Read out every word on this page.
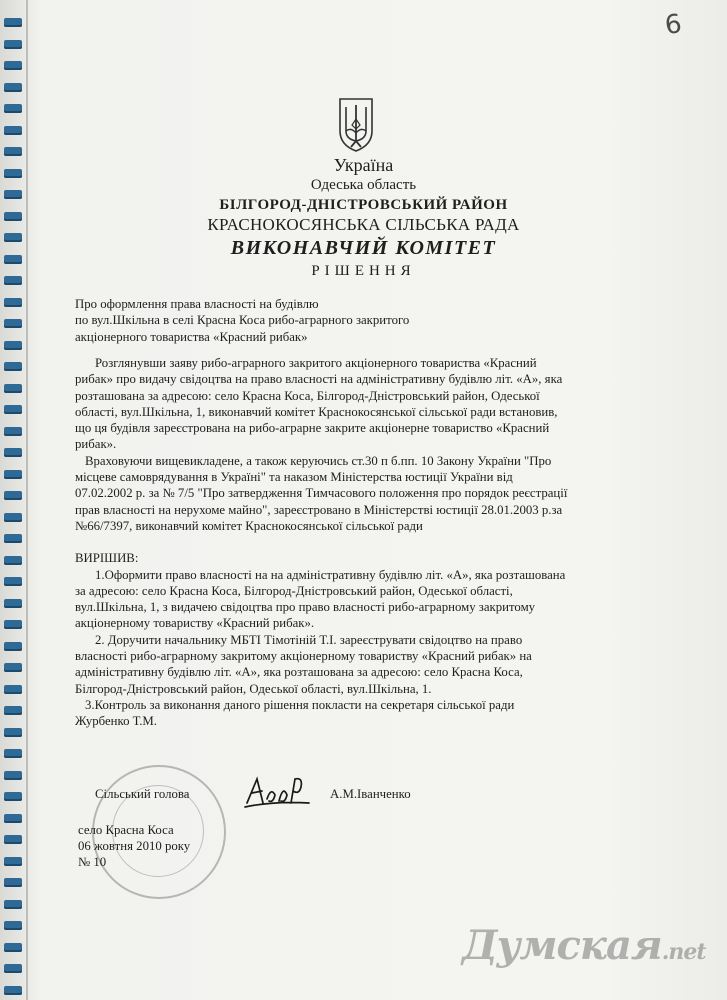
6
Україна
Одеська область
БІЛГОРОД-ДНІСТРОВСЬКИЙ РАЙОН
КРАСНОКОСЯНСЬКА СІЛЬСЬКА РАДА
ВИКОНАВЧИЙ КОМІТЕТ
РІШЕННЯ
Про оформлення права власності на будівлю
по вул.Шкільна в селі Красна Коса рибо-аграрного закритого
акціонерного товариства «Красний рибак»
Розглянувши заяву рибо-аграрного закритого акціонерного товариства «Красний
рибак» про видачу свідоцтва на право власності на адміністративну будівлю літ. «А», яка
розташована за адресою: село Красна Коса, Білгород-Дністровський район, Одеської
області, вул.Шкільна, 1, виконавчий комітет Краснокосянської сільської ради встановив,
що ця будівля зареєстрована на рибо-аграрне закрите акціонерне товариство «Красний
рибак».
Враховуючи вищевикладене, а також керуючись ст.30 п б.пп. 10 Закону України "Про
місцеве самоврядування в Україні" та наказом Міністерства юстиції України від
07.02.2002 р. за № 7/5 "Про затвердження Тимчасового положення про порядок реєстрації
прав власності на нерухоме майно", зареєстровано в Міністерстві юстиції 28.01.2003 р.за
№66/7397, виконавчий комітет Краснокосянської сільської ради
ВИРІШИВ:
1.Оформити право власності на на адміністративну будівлю літ. «А», яка розташована
за адресою: село Красна Коса, Білгород-Дністровський район, Одеської області,
вул.Шкільна, 1, з видачею свідоцтва про право власності рибо-аграрному закритому
акціонерному товариству «Красний рибак».
2. Доручити начальнику МБТІ Тімотіній Т.І. зареєструвати свідоцтво на право
власності рибо-аграрному закритому акціонерному товариству «Красний рибак» на
адміністративну будівлю літ. «А», яка розташована за адресою: село Красна Коса,
Білгород-Дністровський район, Одеської області, вул.Шкільна, 1.
3.Контроль за виконання даного рішення покласти на секретаря сільської ради
Журбенко Т.М.
Сільський голова	А.М.Іванченко
село Красна Коса
06 жовтня 2010 року
№ 10
Думская.net
